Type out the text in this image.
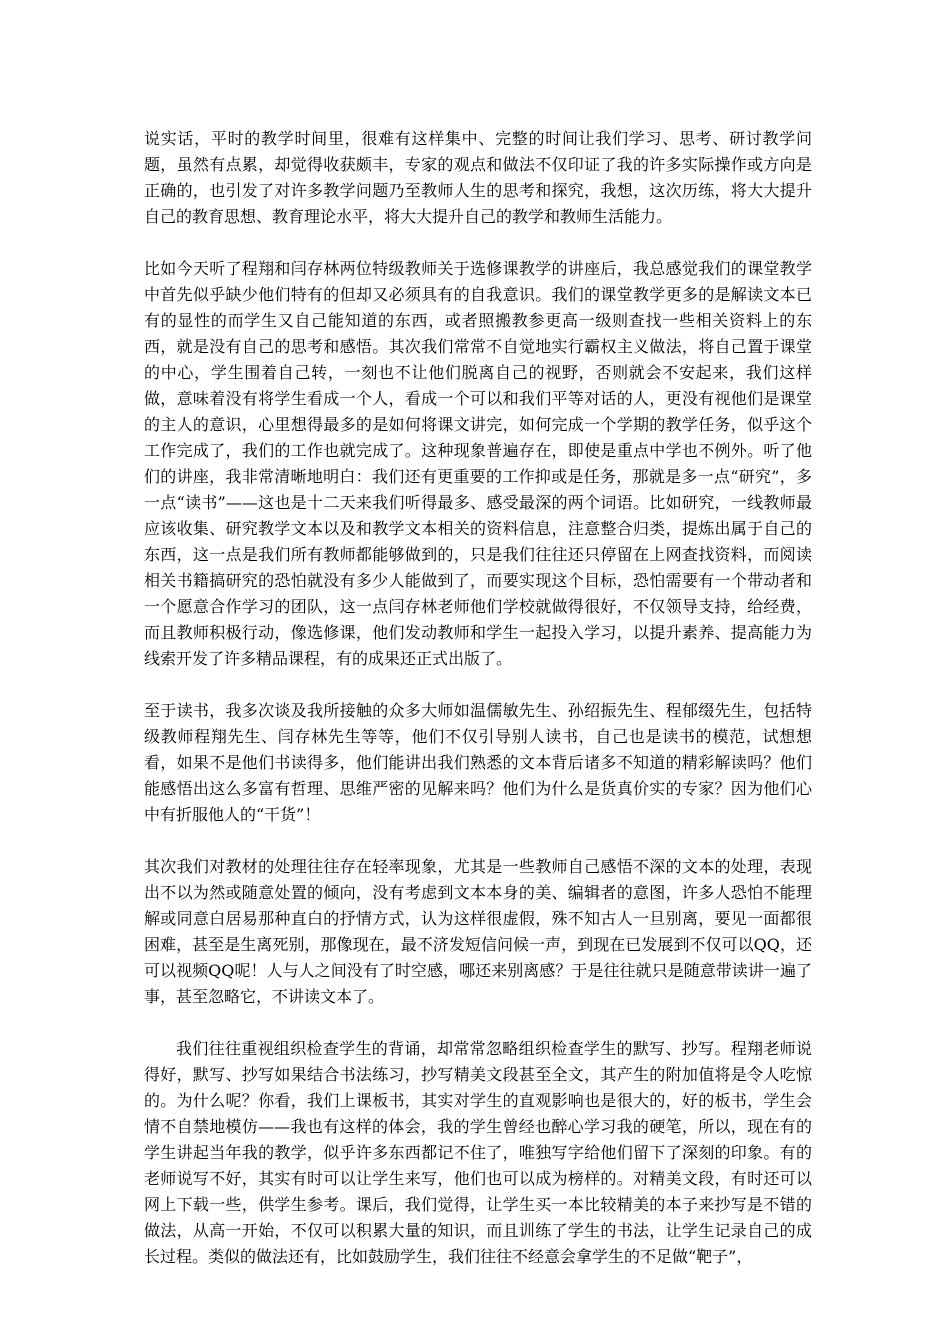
说实话，平时的教学时间里，很难有这样集中、完整的时间让我们学习、思考、研讨教学问题，虽然有点累，却觉得收获颇丰，专家的观点和做法不仅印证了我的许多实际操作或方向是正确的，也引发了对许多教学问题乃至教师人生的思考和探究，我想，这次历练，将大大提升自己的教育思想、教育理论水平，将大大提升自己的教学和教师生活能力。

比如今天听了程翔和闫存林两位特级教师关于选修课教学的讲座后，我总感觉我们的课堂教学中首先似乎缺少他们特有的但却又必须具有的自我意识。我们的课堂教学更多的是解读文本已有的显性的而学生又自己能知道的东西，或者照搬教参更高一级则查找一些相关资料上的东西，就是没有自己的思考和感悟。其次我们常常不自觉地实行霸权主义做法，将自己置于课堂的中心，学生围着自己转，一刻也不让他们脱离自己的视野，否则就会不安起来，我们这样做，意味着没有将学生看成一个人，看成一个可以和我们平等对话的人，更没有视他们是课堂的主人的意识，心里想得最多的是如何将课文讲完，如何完成一个学期的教学任务，似乎这个工作完成了，我们的工作也就完成了。这种现象普遍存在，即使是重点中学也不例外。听了他们的讲座，我非常清晰地明白：我们还有更重要的工作抑或是任务，那就是多一点“研究”，多一点“读书”——这也是十二天来我们听得最多、感受最深的两个词语。比如研究，一线教师最应该收集、研究教学文本以及和教学文本相关的资料信息，注意整合归类，提炼出属于自己的东西，这一点是我们所有教师都能够做到的，只是我们往往还只停留在上网查找资料，而阅读相关书籍搞研究的恐怕就没有多少人能做到了，而要实现这个目标，恐怕需要有一个带动者和一个愿意合作学习的团队，这一点闫存林老师他们学校就做得很好，不仅领导支持，给经费，而且教师积极行动，像选修课，他们发动教师和学生一起投入学习，以提升素养、提高能力为线索开发了许多精品课程，有的成果还正式出版了。

至于读书，我多次谈及我所接触的众多大师如温儒敏先生、孙绍振先生、程郁缀先生，包括特级教师程翔先生、闫存林先生等等，他们不仅引导别人读书，自己也是读书的模范，试想想看，如果不是他们书读得多，他们能讲出我们熟悉的文本背后诸多不知道的精彩解读吗？他们能感悟出这么多富有哲理、思维严密的见解来吗？他们为什么是货真价实的专家？因为他们心中有折服他人的“干货”！

其次我们对教材的处理往往存在轻率现象，尤其是一些教师自己感悟不深的文本的处理，表现出不以为然或随意处置的倾向，没有考虑到文本本身的美、编辑者的意图，许多人恐怕不能理解或同意白居易那种直白的抒情方式，认为这样很虚假，殊不知古人一旦别离，要见一面都很困难，甚至是生离死别，那像现在，最不济发短信问候一声，到现在已发展到不仅可以QQ，还可以视频QQ呢！人与人之间没有了时空感，哪还来别离感？于是往往就只是随意带读讲一遍了事，甚至忽略它，不讲读文本了。

我们往往重视组织检查学生的背诵，却常常忽略组织检查学生的默写、抄写。程翔老师说得好，默写、抄写如果结合书法练习，抄写精美文段甚至全文，其产生的附加值将是令人吃惊的。为什么呢？你看，我们上课板书，其实对学生的直观影响也是很大的，好的板书，学生会情不自禁地模仿——我也有这样的体会，我的学生曾经也醉心学习我的硬笔，所以，现在有的学生讲起当年我的教学，似乎许多东西都记不住了，唯独写字给他们留下了深刻的印象。有的老师说写不好，其实有时可以让学生来写，他们也可以成为榜样的。对精美文段，有时还可以网上下载一些，供学生参考。课后，我们觉得，让学生买一本比较精美的本子来抄写是不错的做法，从高一开始，不仅可以积累大量的知识，而且训练了学生的书法，让学生记录自己的成长过程。类似的做法还有，比如鼓励学生，我们往往不经意会拿学生的不足做“靶子”，
